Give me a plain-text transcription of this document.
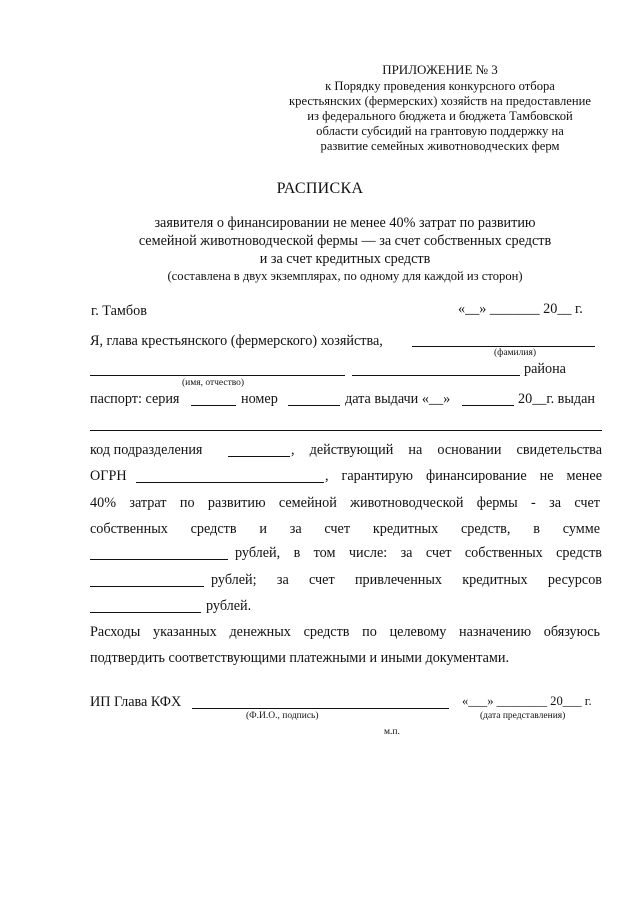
ПРИЛОЖЕНИЕ № 3
к Порядку проведения конкурсного отбора
крестьянских (фермерских) хозяйств на предоставление
из федерального бюджета и бюджета Тамбовской
области субсидий на грантовую поддержку на
развитие семейных животноводческих ферм
РАСПИСКА
заявителя о финансировании не менее 40% затрат по развитию
семейной животноводческой фермы — за счет собственных средств
и за счет кредитных средств
(составлена в двух экземплярах, по одному для каждой из сторон)
г. Тамбов	«__» _______ 20__ г.
Я, глава крестьянского (фермерского) хозяйства,
(фамилия)
района
(имя, отчество)
паспорт: серия	номер	дата выдачи «__»	20__г. выдан
код подразделения	, действующий на основании свидетельства
ОГРН	, гарантирую финансирование не менее
40% затрат по развитию семейной животноводческой фермы - за счет
собственных средств и за счет кредитных средств, в сумме
рублей, в том числе: за счет собственных средств
рублей; за счет привлеченных кредитных ресурсов
рублей.
Расходы указанных денежных средств по целевому назначению обязуюсь
подтвердить соответствующими платежными и иными документами.
ИП Глава КФХ
(Ф.И.О., подпись)
«___» ________ 20___ г.
(дата представления)
м.п.
